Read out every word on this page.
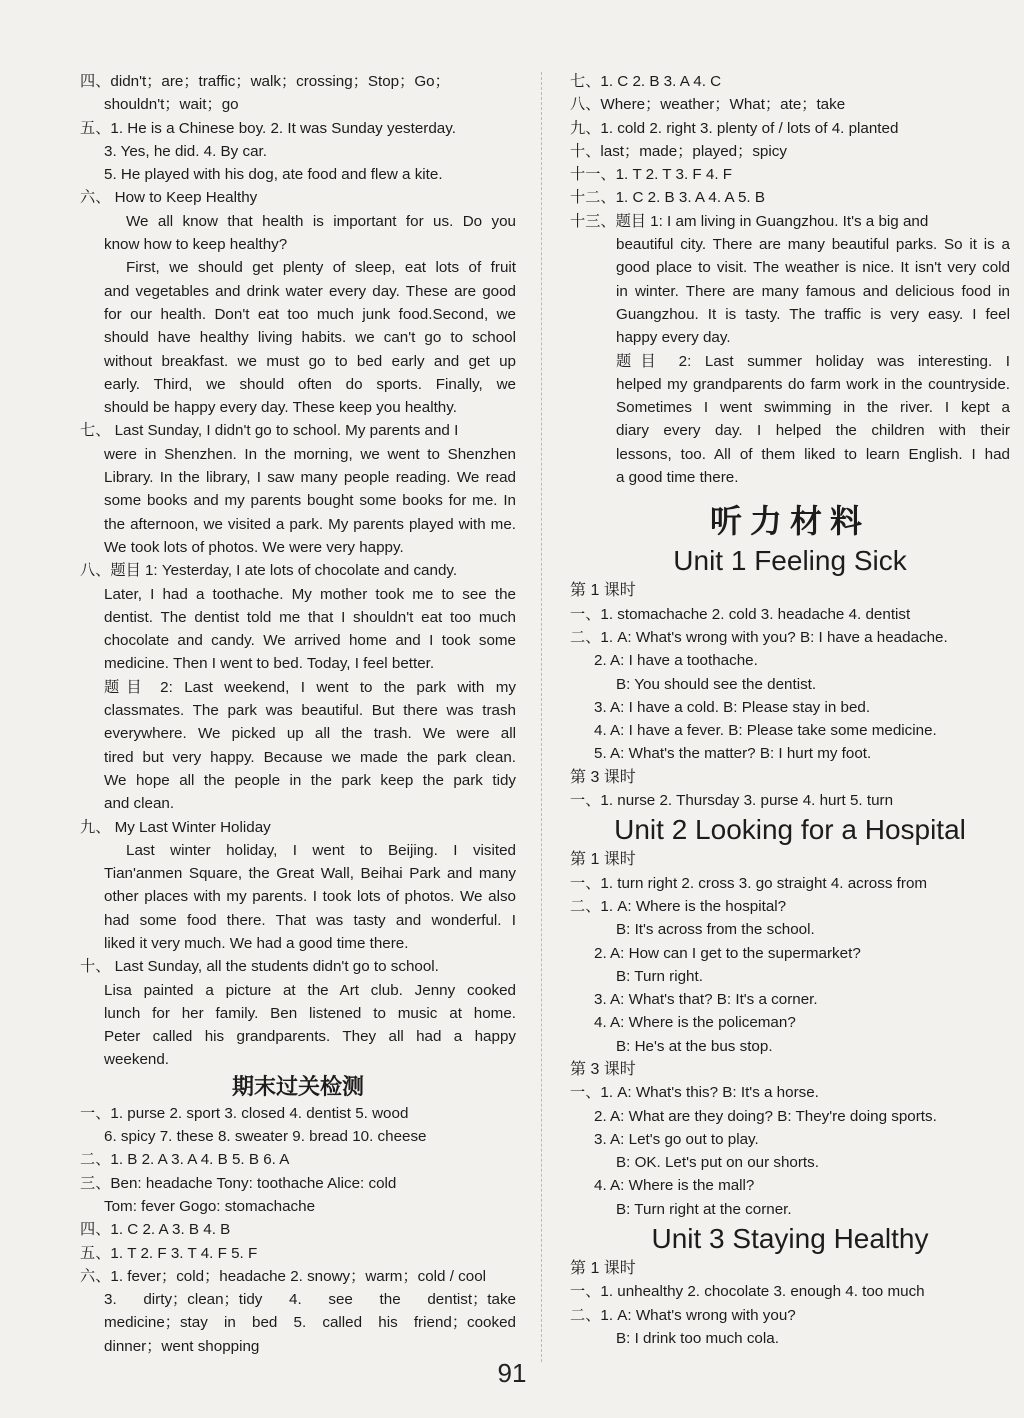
四、didn't；are；traffic；walk；crossing；Stop；Go；
shouldn't；wait；go
五、1. He is a Chinese boy. 2. It was Sunday yesterday.
3. Yes, he did. 4. By car.
5. He played with his dog, ate food and flew a kite.
六、 How to Keep Healthy
We all know that health is important for us. Do you
know how to keep healthy?
First, we should get plenty of sleep, eat lots of fruit
and vegetables and drink water every day. These are good
for our health. Don't eat too much junk food.Second, we
should have healthy living habits. we can't go to school
without breakfast. we must go to bed early and get up
early. Third, we should often do sports. Finally, we
should be happy every day. These keep you healthy.
七、 Last Sunday, I didn't go to school. My parents and I
were in Shenzhen. In the morning, we went to Shenzhen
Library. In the library, I saw many people reading. We read
some books and my parents bought some books for me. In
the afternoon, we visited a park. My parents played with me.
We took lots of photos. We were very happy.
八、题目 1: Yesterday, I ate lots of chocolate and candy.
Later, I had a toothache. My mother took me to see the
dentist. The dentist told me that I shouldn't eat too much
chocolate and candy. We arrived home and I took some
medicine. Then I went to bed. Today, I feel better.
题目 2: Last weekend, I went to the park with my
classmates. The park was beautiful. But there was trash
everywhere. We picked up all the trash. We were all
tired but very happy. Because we made the park clean.
We hope all the people in the park keep the park tidy
and clean.
九、 My Last Winter Holiday
Last winter holiday, I went to Beijing. I visited
Tian'anmen Square, the Great Wall, Beihai Park and many
other places with my parents. I took lots of photos. We also
had some food there. That was tasty and wonderful. I
liked it very much. We had a good time there.
十、 Last Sunday, all the students didn't go to school.
Lisa painted a picture at the Art club. Jenny cooked
lunch for her family. Ben listened to music at home.
Peter called his grandparents. They all had a happy
weekend.
期末过关检测
一、1. purse 2. sport 3. closed 4. dentist 5. wood
6. spicy 7. these 8. sweater 9. bread 10. cheese
二、1. B 2. A 3. A 4. B 5. B 6. A
三、Ben: headache Tony: toothache Alice: cold
Tom: fever Gogo: stomachache
四、1. C 2. A 3. B 4. B
五、1. T 2. F 3. T 4. F 5. F
六、1. fever；cold；headache 2. snowy；warm；cold / cool
3. dirty；clean；tidy 4. see the dentist；take
medicine；stay in bed 5. called his friend；cooked
dinner；went shopping
七、1. C 2. B 3. A 4. C
八、Where；weather；What；ate；take
九、1. cold 2. right 3. plenty of / lots of 4. planted
十、last；made；played；spicy
十一、1. T 2. T 3. F 4. F
十二、1. C 2. B 3. A 4. A 5. B
十三、题目 1: I am living in Guangzhou. It's a big and
beautiful city. There are many beautiful parks. So it is a
good place to visit. The weather is nice. It isn't very cold
in winter. There are many famous and delicious food in
Guangzhou. It is tasty. The traffic is very easy. I feel
happy every day.
题目 2: Last summer holiday was interesting. I
helped my grandparents do farm work in the countryside.
Sometimes I went swimming in the river. I kept a
diary every day. I helped the children with their
lessons, too. All of them liked to learn English. I had
a good time there.
听力材料
Unit 1 Feeling Sick
第 1 课时
一、1. stomachache 2. cold 3. headache 4. dentist
二、1. A: What's wrong with you? B: I have a headache.
2. A: I have a toothache.
B: You should see the dentist.
3. A: I have a cold. B: Please stay in bed.
4. A: I have a fever. B: Please take some medicine.
5. A: What's the matter? B: I hurt my foot.
第 3 课时
一、1. nurse 2. Thursday 3. purse 4. hurt 5. turn
Unit 2 Looking for a Hospital
第 1 课时
一、1. turn right 2. cross 3. go straight 4. across from
二、1. A: Where is the hospital?
B: It's across from the school.
2. A: How can I get to the supermarket?
B: Turn right.
3. A: What's that? B: It's a corner.
4. A: Where is the policeman?
B: He's at the bus stop.
第 3 课时
一、1. A: What's this? B: It's a horse.
2. A: What are they doing? B: They're doing sports.
3. A: Let's go out to play.
B: OK. Let's put on our shorts.
4. A: Where is the mall?
B: Turn right at the corner.
Unit 3 Staying Healthy
第 1 课时
一、1. unhealthy 2. chocolate 3. enough 4. too much
二、1. A: What's wrong with you?
B: I drink too much cola.
91
